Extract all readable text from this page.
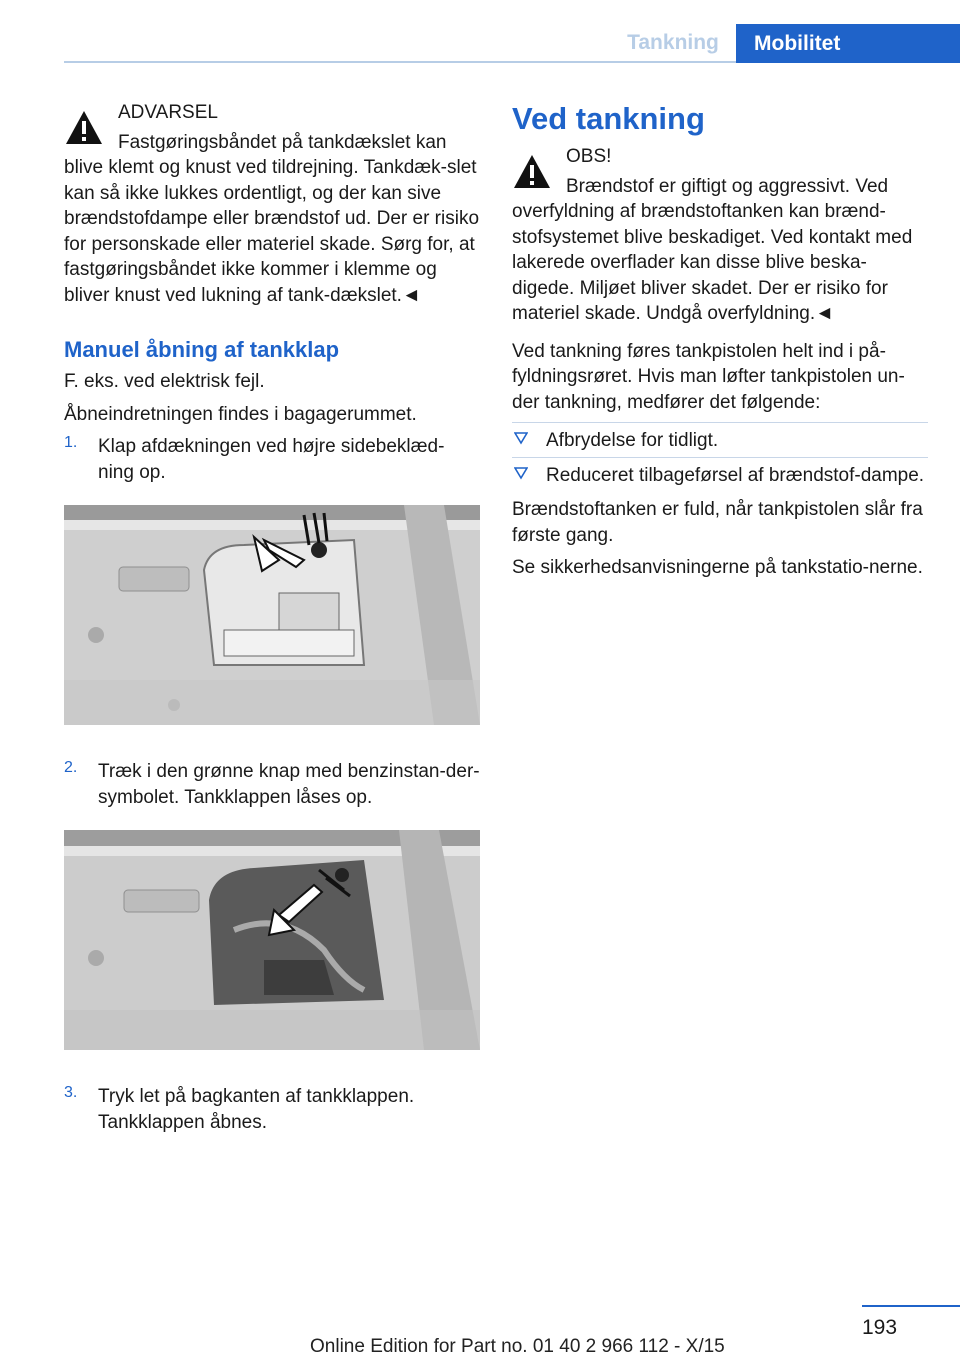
Tankning	Mobilitet

ADVARSEL

Fastgøringsbåndet på tankdækslet kan blive klemt og knust ved tildrejning. Tankdæk-slet kan så ikke lukkes ordentligt, og der kan sive brændstofdampe eller brændstof ud. Der er risiko for personskade eller materiel skade. Sørg for, at fastgøringsbåndet ikke kommer i klemme og bliver knust ved lukning af tank-dækslet.◄

Manuel åbning af tankklap

F. eks. ved elektrisk fejl.

Åbneindretningen findes i bagagerummet.

1. Klap afdækningen ved højre sidebeklæd-ning op.

2. Træk i den grønne knap med benzinstan-der-symbolet. Tankklappen låses op.

3. Tryk let på bagkanten af tankklappen. Tankklappen åbnes.

Ved tankning

OBS!

Brændstof er giftigt og aggressivt. Ved overfyldning af brændstoftanken kan brænd-stofsystemet blive beskadiget. Ved kontakt med lakerede overflader kan disse blive beska-digede. Miljøet bliver skadet. Der er risiko for materiel skade. Undgå overfyldning.◄

Ved tankning føres tankpistolen helt ind i på-fyldningsrøret. Hvis man løfter tankpistolen un-der tankning, medfører det følgende:

Afbrydelse for tidligt.

Reduceret tilbageførsel af brændstof-dampe.

Brændstoftanken er fuld, når tankpistolen slår fra første gang.

Se sikkerhedsanvisningerne på tankstatio-nerne.

193
Online Edition for Part no. 01 40 2 966 112 - X/15
